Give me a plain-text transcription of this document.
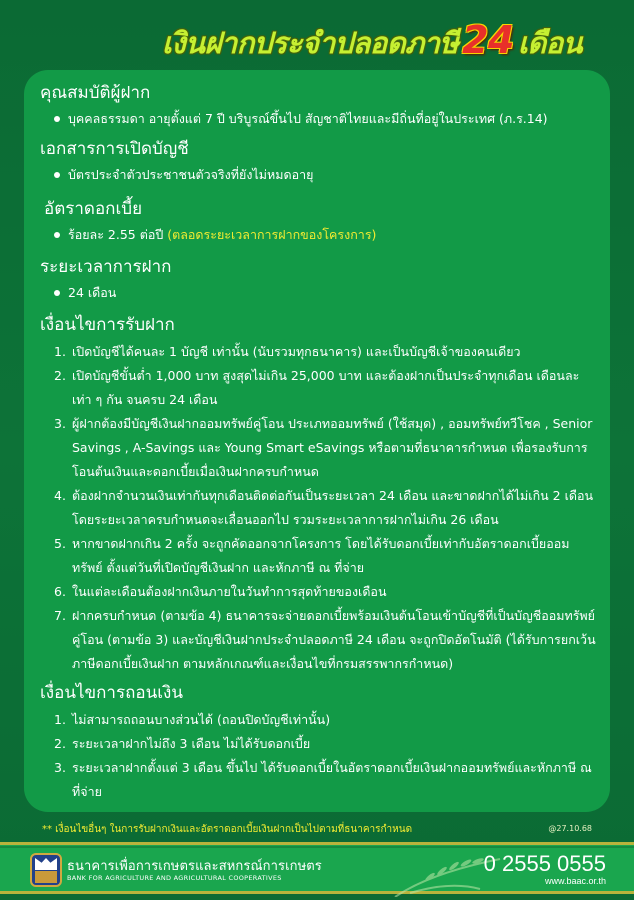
เงินฝากประจำปลอดภาษี 24 เดือน
คุณสมบัติผู้ฝาก
บุคคลธรรมดา อายุตั้งแต่ 7 ปี บริบูรณ์ขึ้นไป สัญชาติไทยและมีถิ่นที่อยู่ในประเทศ (ภ.ร.14)
เอกสารการเปิดบัญชี
บัตรประจำตัวประชาชนตัวจริงที่ยังไม่หมดอายุ
อัตราดอกเบี้ย
ร้อยละ 2.55 ต่อปี (ตลอดระยะเวลาการฝากของโครงการ)
ระยะเวลาการฝาก
24 เดือน
เงื่อนไขการรับฝาก
1. เปิดบัญชีได้คนละ 1 บัญชี เท่านั้น (นับรวมทุกธนาคาร) และเป็นบัญชีเจ้าของคนเดียว
2. เปิดบัญชีขั้นต่ำ 1,000 บาท สูงสุดไม่เกิน 25,000 บาท และต้องฝากเป็นประจำทุกเดือน เดือนละเท่า ๆ กัน จนครบ 24 เดือน
3. ผู้ฝากต้องมีบัญชีเงินฝากออมทรัพย์คู่โอน ประเภทออมทรัพย์ (ใช้สมุด) , ออมทรัพย์ทวีโชค , Senior Savings , A-Savings และ Young Smart eSavings หรือตามที่ธนาคารกำหนด เพื่อรองรับการโอนต้นเงินและดอกเบี้ยเมื่อเงินฝากครบกำหนด
4. ต้องฝากจำนวนเงินเท่ากันทุกเดือนติดต่อกันเป็นระยะเวลา 24 เดือน และขาดฝากได้ไม่เกิน 2 เดือน โดยระยะเวลาครบกำหนดจะเลื่อนออกไป รวมระยะเวลาการฝากไม่เกิน 26 เดือน
5. หากขาดฝากเกิน 2 ครั้ง จะถูกคัดออกจากโครงการ โดยได้รับดอกเบี้ยเท่ากับอัตราดอกเบี้ยออมทรัพย์ ตั้งแต่วันที่เปิดบัญชีเงินฝาก และหักภาษี ณ ที่จ่าย
6. ในแต่ละเดือนต้องฝากเงินภายในวันทำการสุดท้ายของเดือน
7. ฝากครบกำหนด (ตามข้อ 4) ธนาคารจะจ่ายดอกเบี้ยพร้อมเงินต้นโอนเข้าบัญชีที่เป็นบัญชีออมทรัพย์ คู่โอน (ตามข้อ 3) และบัญชีเงินฝากประจำปลอดภาษี 24 เดือน จะถูกปิดอัตโนมัติ (ได้รับการยกเว้นภาษีดอกเบี้ยเงินฝาก ตามหลักเกณฑ์และเงื่อนไขที่กรมสรรพากรกำหนด)
เงื่อนไขการถอนเงิน
1. ไม่สามารถถอนบางส่วนได้ (ถอนปิดบัญชีเท่านั้น)
2. ระยะเวลาฝากไม่ถึง 3 เดือน ไม่ได้รับดอกเบี้ย
3. ระยะเวลาฝากตั้งแต่ 3 เดือน ขึ้นไป ได้รับดอกเบี้ยในอัตราดอกเบี้ยเงินฝากออมทรัพย์และหักภาษี ณ ที่จ่าย
** เงื่อนไขอื่นๆ ในการรับฝากเงินและอัตราดอกเบี้ยเงินฝากเป็นไปตามที่ธนาคารกำหนด	@27.10.68
ธนาคารเพื่อการเกษตรและสหกรณ์การเกษตร
BANK FOR AGRICULTURE AND AGRICULTURAL COOPERATIVES
0 2555 0555
www.baac.or.th
